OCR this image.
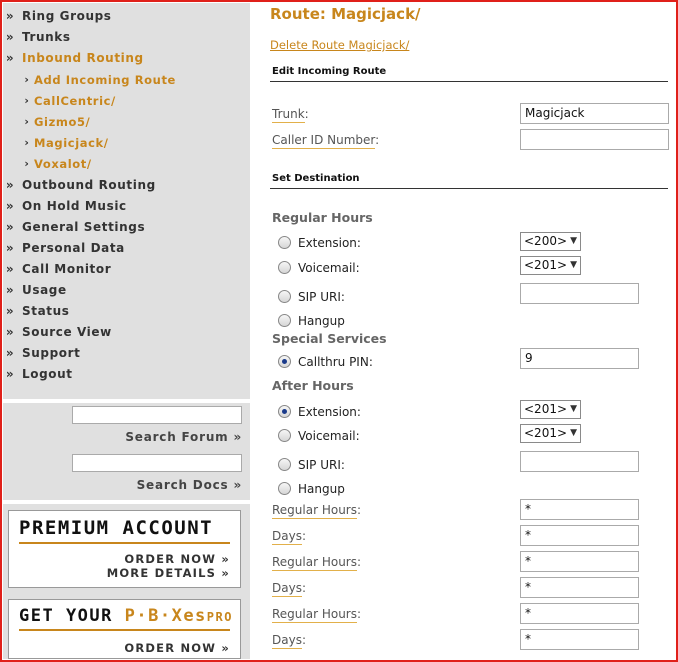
» Ring Groups
» Trunks
» Inbound Routing
› Add Incoming Route
› CallCentric/
› Gizmo5/
› Magicjack/
› Voxalot/
» Outbound Routing
» On Hold Music
» General Settings
» Personal Data
» Call Monitor
» Usage
» Status
» Source View
» Support
» Logout
Search Forum »
Search Docs »
PREMIUM ACCOUNT
ORDER NOW »
MORE DETAILS »
GET YOUR P·B·XesPRO
ORDER NOW »
Route: Magicjack/
Delete Route Magicjack/
Edit Incoming Route
Trunk:	Magicjack
Caller ID Number:
Set Destination
Regular Hours
Extension:	<200> ▼
Voicemail:	<201> ▼
SIP URI:
Hangup
Special Services
Callthru PIN:	9
After Hours
Extension:	<201> ▼
Voicemail:	<201> ▼
SIP URI:
Hangup
Regular Hours:	*
Days:	*
Regular Hours:	*
Days:	*
Regular Hours:	*
Days:	*
